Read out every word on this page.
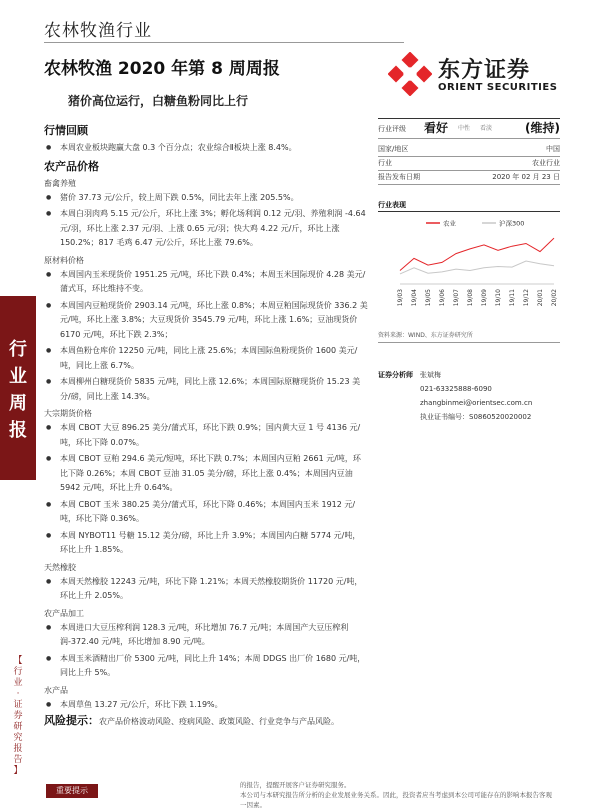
农林牧渔行业
农林牧渔 2020 年第 8 周周报
猪价高位运行，白糖鱼粉同比上行
东方证券
ORIENT SECURITIES
行
业
周
报
【
行
业
·
证
券
研
究
报
告
】
行情回顾
● 本周农业板块跑赢大盘 0.3 个百分点；农业综合Ⅱ板块上涨 8.4%。
农产品价格
畜禽养殖
● 猪价 37.73 元/公斤，较上周下跌 0.5%，同比去年上涨 205.5%。
● 本周白羽肉鸡 5.15 元/公斤，环比上涨 3%；孵化场利润 0.12 元/羽、养殖利润 -4.64 元/羽，环比上涨 2.37 元/羽、上涨 0.65 元/羽；快大鸡 4.22 元/斤，环比上涨 150.2%；817 毛鸡 6.47 元/公斤，环比上涨 79.6%。
原材料价格
● 本周国内玉米现货价 1951.25 元/吨，环比下跌 0.4%；本周玉米国际现价 4.28 美元/蒲式耳，环比维持不变。
● 本周国内豆粕现货价 2903.14 元/吨，环比上涨 0.8%；本周豆粕国际现货价 336.2 美元/吨，环比上涨 3.8%；大豆现货价 3545.79 元/吨，环比上涨 1.6%；豆油现货价 6170 元/吨，环比下跌 2.3%；
● 本周鱼粉仓库价 12250 元/吨，同比上涨 25.6%；本周国际鱼粉现货价 1600 美元/吨，同比上涨 6.7%。
● 本周柳州白糖现货价 5835 元/吨，同比上涨 12.6%；本周国际原糖现货价 15.23 美分/磅，同比上涨 14.3%。
大宗期货价格
● 本周 CBOT 大豆 896.25 美分/蒲式耳，环比下跌 0.9%；国内黄大豆 1 号 4136 元/吨，环比下降 0.07%。
● 本周 CBOT 豆粕 294.6 美元/短吨，环比下跌 0.7%；本周国内豆粕 2661 元/吨，环比下降 0.26%；本周 CBOT 豆油 31.05 美分/磅，环比上涨 0.4%；本周国内豆油 5942 元/吨，环比上升 0.64%。
● 本周 CBOT 玉米 380.25 美分/蒲式耳，环比下降 0.46%；本周国内玉米 1912 元/吨，环比下降 0.36%。
● 本周 NYBOT11 号糖 15.12 美分/磅，环比上升 3.9%；本周国内白糖 5774 元/吨，环比上升 1.85%。
天然橡胶
● 本周天然橡胶 12243 元/吨，环比下降 1.21%；本周天然橡胶期货价 11720 元/吨，环比上升 2.05%。
农产品加工
● 本周进口大豆压榨利润 128.3 元/吨，环比增加 76.7 元/吨；本周国产大豆压榨利润-372.40 元/吨，环比增加 8.90 元/吨。
● 本周玉米酒精出厂价 5300 元/吨，同比上升 14%；本周 DDGS 出厂价 1680 元/吨，同比上升 5%。
水产品
● 本周草鱼 13.27 元/公斤，环比下跌 1.19%。
风险提示：农产品价格波动风险、疫病风险、政策风险、行业竞争与产品风险。
行业评级 看好 中性 看淡	(维持)
国家/地区	中国
行业	农业行业
报告发布日期	2020 年 02 月 23 日
行业表现
农业	沪深300
19/03 19/04 19/05 19/06 19/07 19/08 19/09 19/10 19/11 19/12 20/01 20/02
资料来源：WIND、东方证券研究所
证券分析师 张斌梅
021-63325888-6090
zhangbinmei@orientsec.com.cn
执业证书编号：S0860520020002
重要提示
的报告，提醒开展客户证券研究服务。
本公司与本研究报告所分析的企业发展业务关系。因此，投资者应当考虑到本公司可能存在的影响本报告客观
一因素。
